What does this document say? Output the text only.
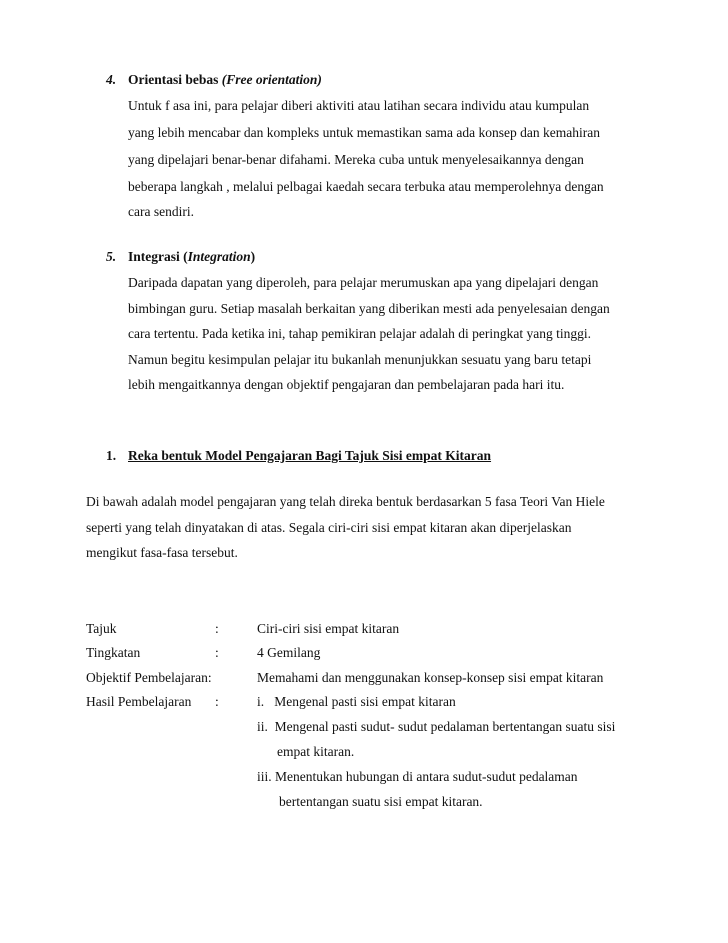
4. Orientasi bebas (Free orientation)
Untuk f asa ini, para pelajar diberi aktiviti atau latihan secara individu atau kumpulan
yang lebih mencabar dan kompleks untuk memastikan sama ada konsep dan kemahiran
yang dipelajari benar-benar difahami. Mereka cuba untuk menyelesaikannya dengan
beberapa langkah , melalui pelbagai kaedah secara terbuka atau memperolehnya dengan
cara sendiri.
5. Integrasi (Integration)
Daripada dapatan yang diperoleh, para pelajar merumuskan apa yang dipelajari dengan
bimbingan guru. Setiap masalah berkaitan yang diberikan mesti ada penyelesaian dengan
cara tertentu. Pada ketika ini, tahap pemikiran pelajar adalah di peringkat yang tinggi.
Namun begitu kesimpulan pelajar itu bukanlah menunjukkan sesuatu yang baru tetapi
lebih mengaitkannya dengan objektif pengajaran dan pembelajaran pada hari itu.
1. Reka bentuk Model Pengajaran Bagi Tajuk Sisi empat Kitaran
Di bawah adalah model pengajaran yang telah direka bentuk berdasarkan 5 fasa Teori Van Hiele
seperti yang telah dinyatakan di atas. Segala ciri-ciri sisi empat kitaran akan diperjelaskan
mengikut fasa-fasa tersebut.
Tajuk	:	Ciri-ciri sisi empat kitaran
Tingkatan	:	4 Gemilang
Objektif Pembelajaran:	Memahami dan menggunakan konsep-konsep sisi empat kitaran
Hasil Pembelajaran :	i.   Mengenal pasti sisi empat kitaran
ii.  Mengenal pasti sudut- sudut pedalaman bertentangan suatu sisi
empat kitaran.
iii. Menentukan hubungan di antara sudut-sudut pedalaman
bertentangan suatu sisi empat kitaran.
